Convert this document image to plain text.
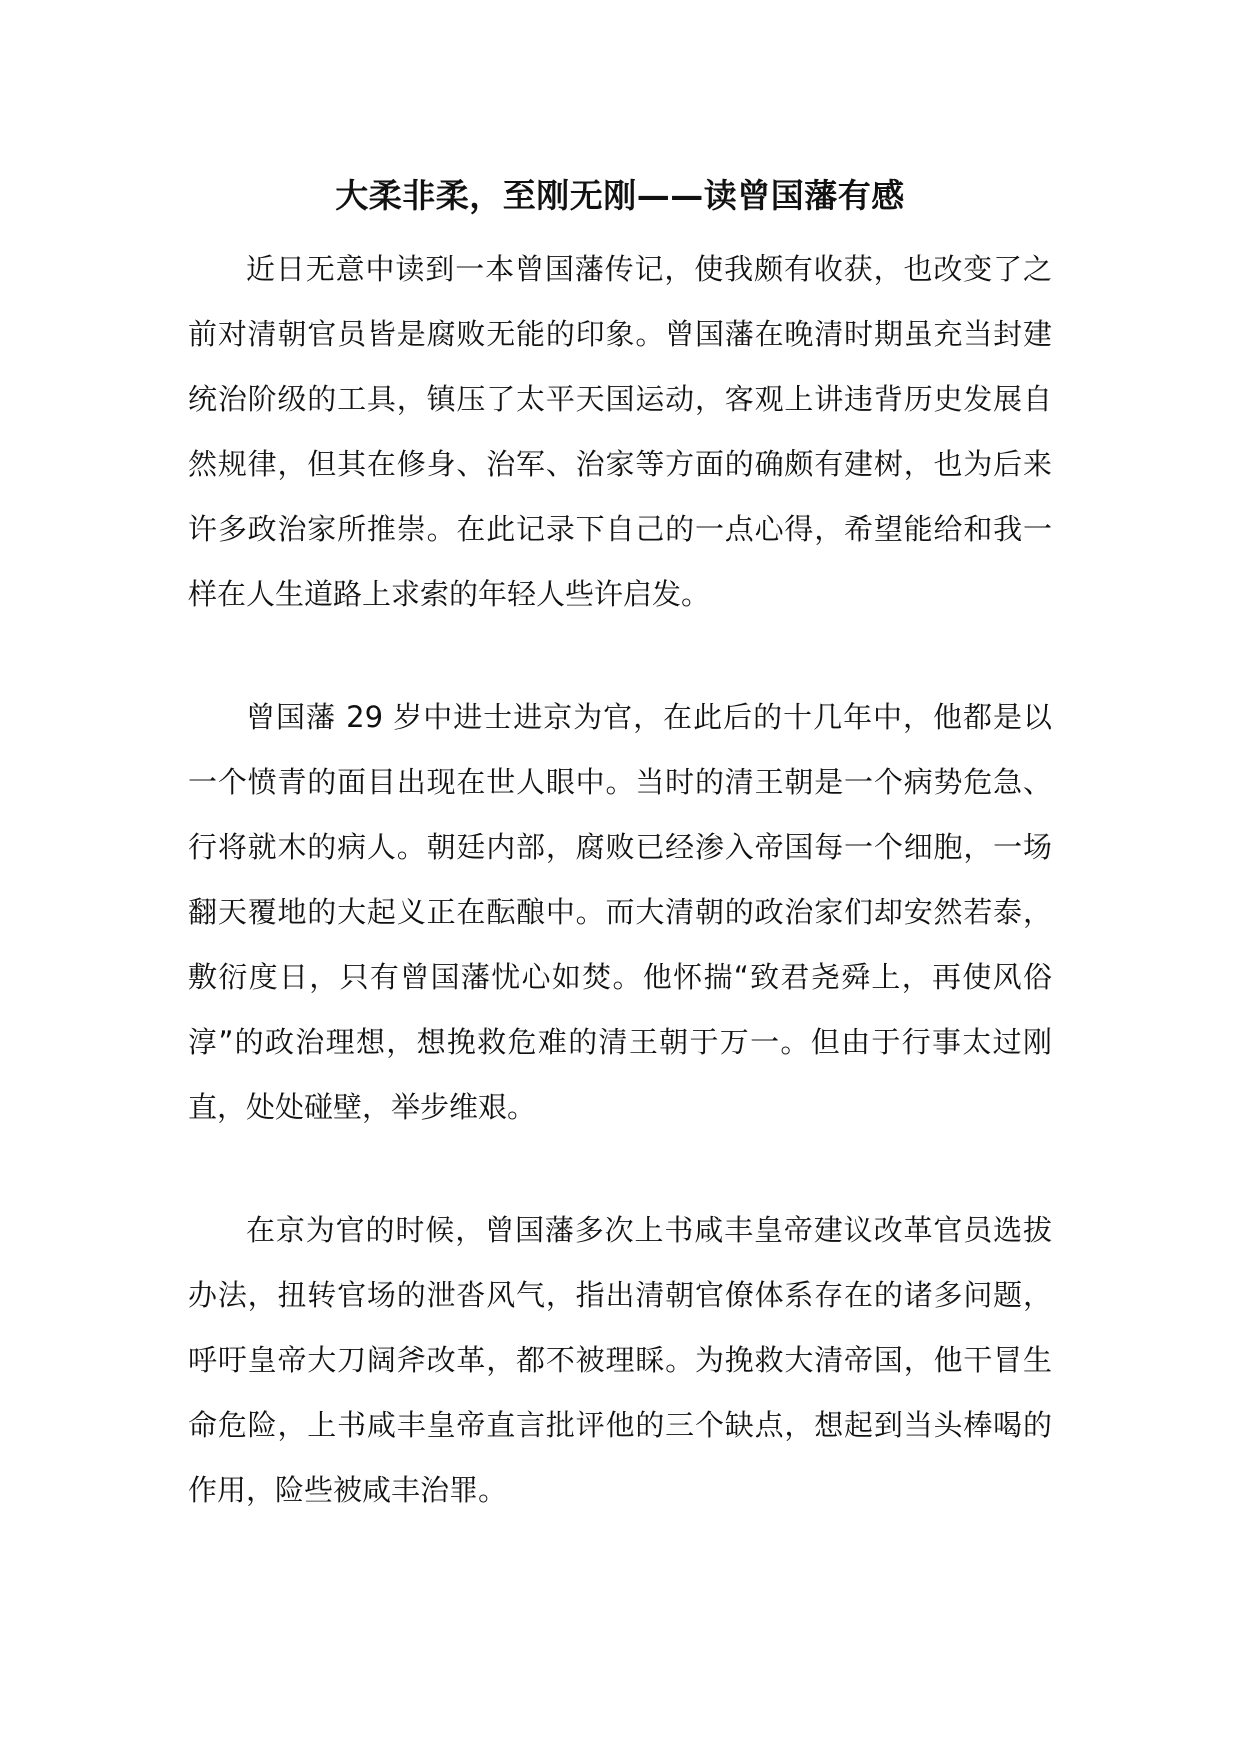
大柔非柔，至刚无刚——读曾国藩有感

近日无意中读到一本曾国藩传记，使我颇有收获，也改变了之前对清朝官员皆是腐败无能的印象。曾国藩在晚清时期虽充当封建统治阶级的工具，镇压了太平天国运动，客观上讲违背历史发展自然规律，但其在修身、治军、治家等方面的确颇有建树，也为后来许多政治家所推崇。在此记录下自己的一点心得，希望能给和我一样在人生道路上求索的年轻人些许启发。

曾国藩 29 岁中进士进京为官，在此后的十几年中，他都是以一个愤青的面目出现在世人眼中。当时的清王朝是一个病势危急、行将就木的病人。朝廷内部，腐败已经渗入帝国每一个细胞，一场翻天覆地的大起义正在酝酿中。而大清朝的政治家们却安然若泰，敷衍度日，只有曾国藩忧心如焚。他怀揣“致君尧舜上，再使风俗淳”的政治理想，想挽救危难的清王朝于万一。但由于行事太过刚直，处处碰壁，举步维艰。

在京为官的时候，曾国藩多次上书咸丰皇帝建议改革官员选拔办法，扭转官场的泄沓风气，指出清朝官僚体系存在的诸多问题，呼吁皇帝大刀阔斧改革，都不被理睬。为挽救大清帝国，他干冒生命危险，上书咸丰皇帝直言批评他的三个缺点，想起到当头棒喝的作用，险些被咸丰治罪。
